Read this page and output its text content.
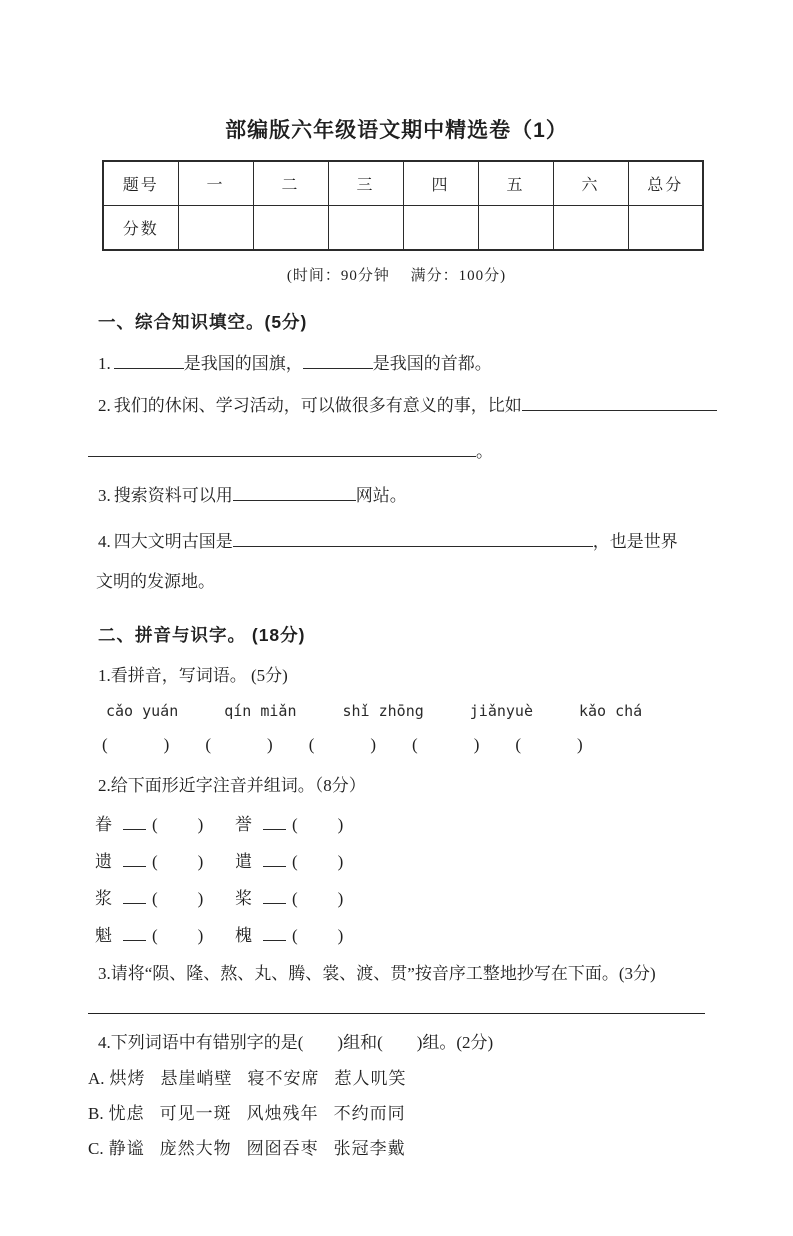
部编版六年级语文期中精选卷（1）
题号	一	二	三	四	五	六	总分
分数							
(时间：90分钟　 满分：100分)
一、综合知识填空。(5分)
1.	是我国的国旗，	是我国的首都。
2. 我们的休闲、学习活动，可以做很多有意义的事，比如
。
3. 搜索资料可以用	网站。
4. 四大文明古国是	，也是世界
文明的发源地。
二、拼音与识字。 (18分)
1.看拼音，写词语。 (5分)
cǎo yuán	qín miǎn	shǐ zhōng	jiǎnyuè	kǎo chá
(	) (	) (	) (	) (	)
2.给下面形近字注音并组词。（8分）
眷 ( )	誉 ( )
遗 ( )	遣 ( )
浆 ( )	桨 ( )
魁 ( )	槐 ( )
3.请将“陨、隆、熬、丸、腾、裳、渡、贯”按音序工整地抄写在下面。(3分)
4.下列词语中有错别字的是(　　)组和(　　)组。(2分)
A. 烘烤 悬崖峭壁 寝不安席 惹人叽笑
B. 忧虑 可见一斑 风烛残年 不约而同
C. 静谧 庞然大物 囫囵吞枣 张冠李戴
